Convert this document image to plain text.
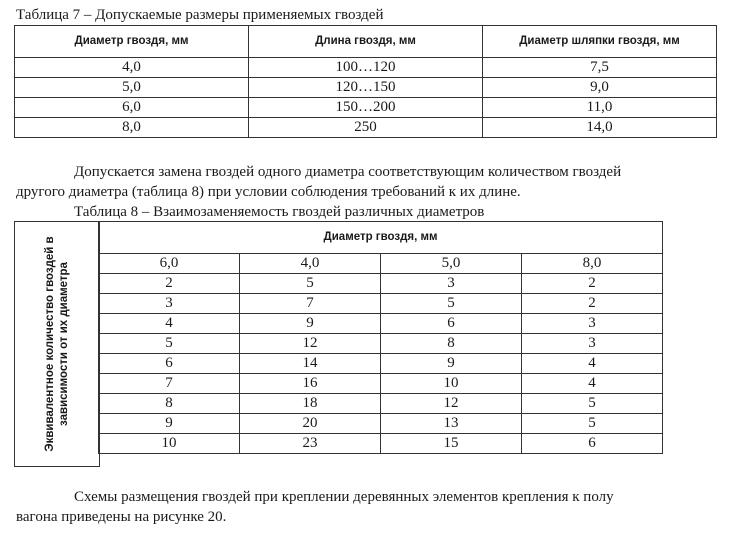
Таблица 7 – Допускаемые размеры применяемых гвоздей
Диаметр гвоздя, мм	Длина гвоздя, мм	Диаметр шляпки гвоздя, мм
4,0	100…120	7,5
5,0	120…150	9,0
6,0	150…200	11,0
8,0	250	14,0
Допускается замена гвоздей одного диаметра соответствующим количеством гвоздей
другого диаметра (таблица 8) при условии соблюдения требований к их длине.
Таблица 8 – Взаимозаменяемость гвоздей различных диаметров
Эквивалентное количество гвоздей в зависимости от их диаметра
Диаметр гвоздя, мм			
6,0	4,0	5,0	8,0
2	5	3	2
3	7	5	2
4	9	6	3
5	12	8	3
6	14	9	4
7	16	10	4
8	18	12	5
9	20	13	5
10	23	15	6
Схемы размещения гвоздей при креплении деревянных элементов крепления к полу
вагона приведены на рисунке 20.
